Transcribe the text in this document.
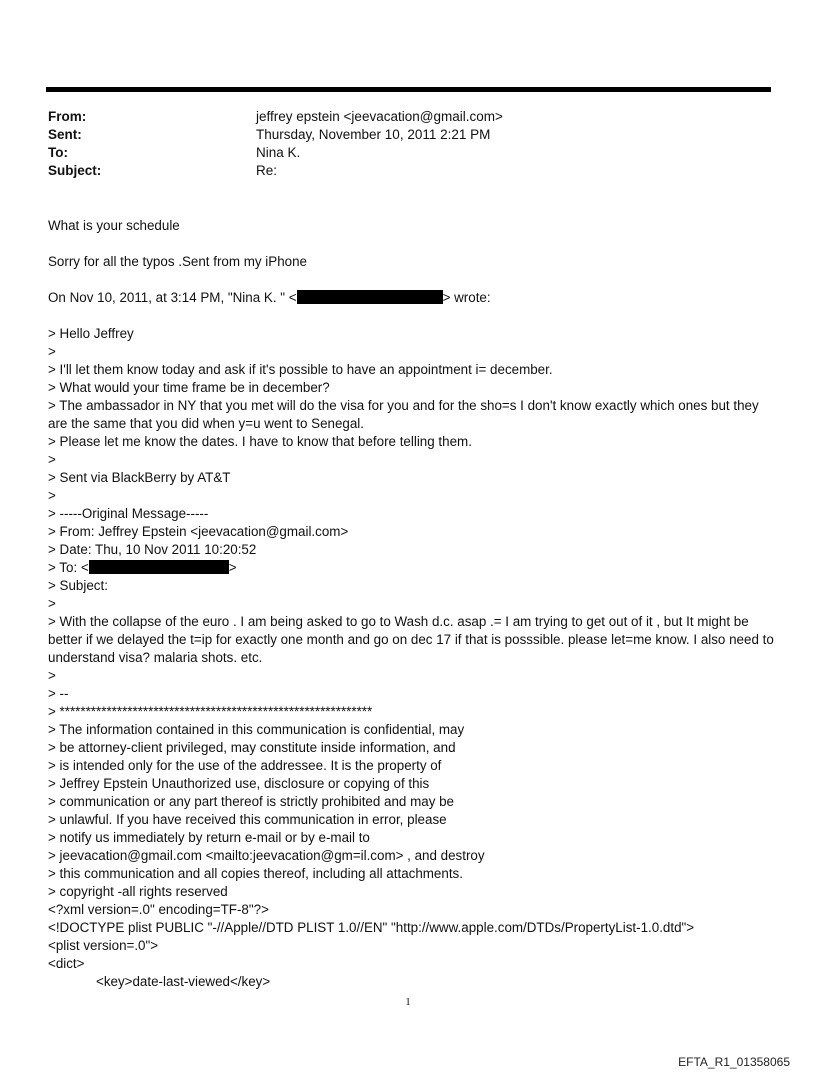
From:	jeffrey epstein <jeevacation@gmail.com>
Sent:	Thursday, November 10, 2011 2:21 PM
To:	Nina K.
Subject:	Re:
What is your schedule
Sorry for all the typos .Sent from my iPhone
On Nov 10, 2011, at 3:14 PM, "Nina K. " <	> wrote:
> Hello Jeffrey
>
> I'll let them know today and ask if it's possible to have an appointment i= december.
> What would your time frame be in december?
> The ambassador in NY that you met will do the visa for you and for the sho=s I don't know exactly which ones but they are the same that you did when y=u went to Senegal.
> Please let me know the dates. I have to know that before telling them.
>
> Sent via BlackBerry by AT&T
>
> -----Original Message-----
> From: Jeffrey Epstein <jeevacation@gmail.com>
> Date: Thu, 10 Nov 2011 10:20:52
> To: <	>
> Subject:
>
> With the collapse of the euro . I am being asked to go to Wash d.c. asap .= I am trying to get out of it , but It might be better if we delayed the t=ip for exactly one month and go on dec 17 if that is posssible. please let=me know. I also need to understand visa? malaria shots. etc.
>
> --
> ************************************************************
> The information contained in this communication is confidential, may
> be attorney-client privileged, may constitute inside information, and
> is intended only for the use of the addressee. It is the property of
> Jeffrey Epstein Unauthorized use, disclosure or copying of this
> communication or any part thereof is strictly prohibited and may be
> unlawful. If you have received this communication in error, please
> notify us immediately by return e-mail or by e-mail to
> jeevacation@gmail.com <mailto:jeevacation@gm=il.com> , and destroy
> this communication and all copies thereof, including all attachments.
> copyright -all rights reserved
<?xml version=.0" encoding=TF-8"?>
<!DOCTYPE plist PUBLIC "-//Apple//DTD PLIST 1.0//EN" "http://www.apple.com/DTDs/PropertyList-1.0.dtd">
<plist version=.0">
<dict>
<key>date-last-viewed</key>
1
EFTA_R1_01358065
